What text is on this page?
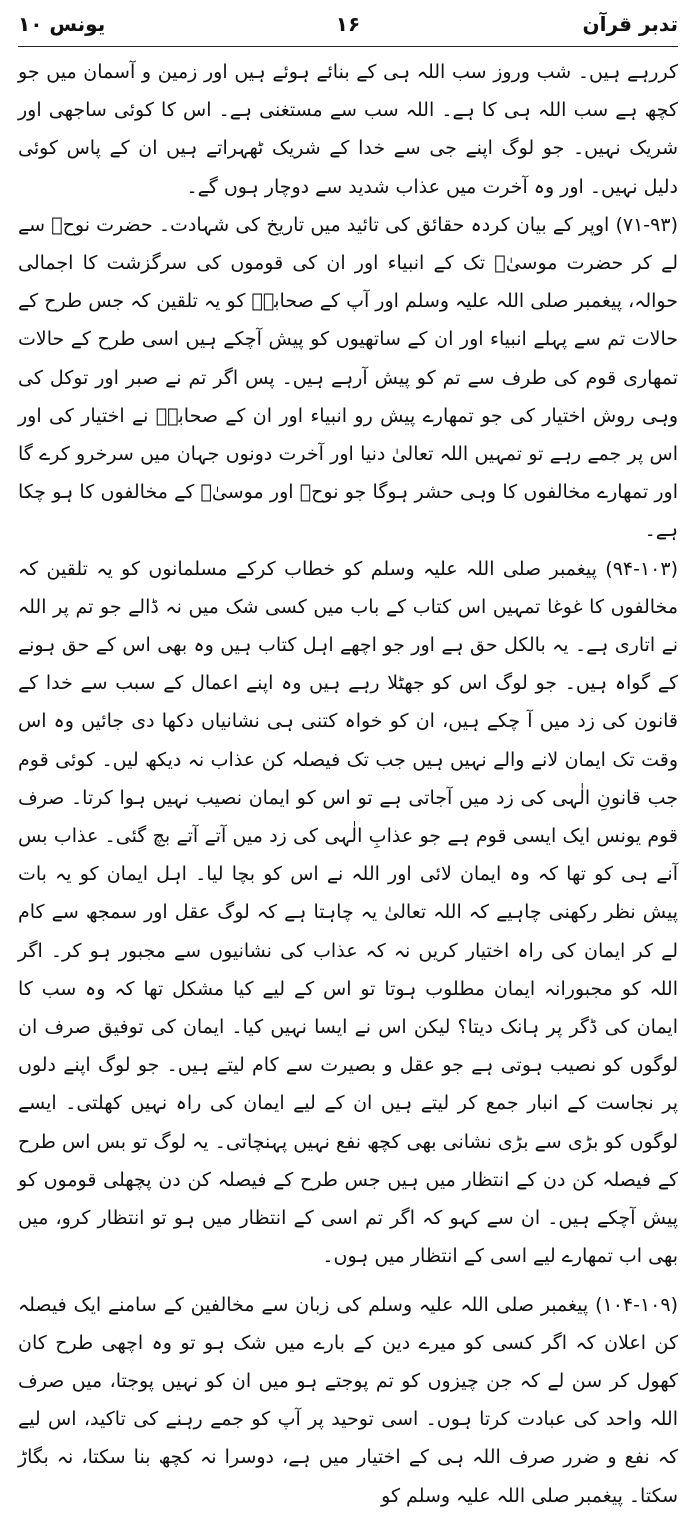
تدبر قرآن
۱۶
یونس ۱۰

کررہے ہیں۔ شب وروز سب اللہ ہی کے بنائے ہوئے ہیں اور زمین و آسمان میں جو کچھ ہے سب اللہ ہی کا ہے۔ اللہ سب سے مستغنی ہے۔ اس کا کوئی ساجھی اور شریک نہیں۔ جو لوگ اپنے جی سے خدا کے شریک ٹھہراتے ہیں ان کے پاس کوئی دلیل نہیں۔ اور وہ آخرت میں عذاب شدید سے دوچار ہوں گے۔

(۷۱-۹۳) اوپر کے بیان کردہ حقائق کی تائید میں تاریخ کی شہادت۔ حضرت نوحؑ سے لے کر حضرت موسیٰؑ تک کے انبیاء اور ان کی قوموں کی سرگزشت کا اجمالی حوالہ، پیغمبر صلی اللہ علیہ وسلم اور آپ کے صحابہؓ کو یہ تلقین کہ جس طرح کے حالات تم سے پہلے انبیاء اور ان کے ساتھیوں کو پیش آچکے ہیں اسی طرح کے حالات تمھاری قوم کی طرف سے تم کو پیش آرہے ہیں۔ پس اگر تم نے صبر اور توکل کی وہی روش اختیار کی جو تمھارے پیش رو انبیاء اور ان کے صحابہؓ نے اختیار کی اور اس پر جمے رہے تو تمہیں اللہ تعالیٰ دنیا اور آخرت دونوں جہان میں سرخرو کرے گا اور تمھارے مخالفوں کا وہی حشر ہوگا جو نوحؑ اور موسیٰؑ کے مخالفوں کا ہو چکا ہے۔

(۹۴-۱۰۳) پیغمبر صلی اللہ علیہ وسلم کو خطاب کرکے مسلمانوں کو یہ تلقین کہ مخالفوں کا غوغا تمہیں اس کتاب کے باب میں کسی شک میں نہ ڈالے جو تم پر اللہ نے اتاری ہے۔ یہ بالکل حق ہے اور جو اچھے اہل کتاب ہیں وہ بھی اس کے حق ہونے کے گواہ ہیں۔ جو لوگ اس کو جھٹلا رہے ہیں وہ اپنے اعمال کے سبب سے خدا کے قانون کی زد میں آ چکے ہیں، ان کو خواہ کتنی ہی نشانیاں دکھا دی جائیں وہ اس وقت تک ایمان لانے والے نہیں ہیں جب تک فیصلہ کن عذاب نہ دیکھ لیں۔ کوئی قوم جب قانونِ الٰہی کی زد میں آجاتی ہے تو اس کو ایمان نصیب نہیں ہوا کرتا۔ صرف قوم یونس ایک ایسی قوم ہے جو عذابِ الٰہی کی زد میں آتے آتے بچ گئی۔ عذاب بس آنے ہی کو تھا کہ وہ ایمان لائی اور اللہ نے اس کو بچا لیا۔ اہل ایمان کو یہ بات پیش نظر رکھنی چاہیے کہ اللہ تعالیٰ یہ چاہتا ہے کہ لوگ عقل اور سمجھ سے کام لے کر ایمان کی راہ اختیار کریں نہ کہ عذاب کی نشانیوں سے مجبور ہو کر۔ اگر اللہ کو مجبورانہ ایمان مطلوب ہوتا تو اس کے لیے کیا مشکل تھا کہ وہ سب کا ایمان کی ڈگر پر ہانک دیتا؟ لیکن اس نے ایسا نہیں کیا۔ ایمان کی توفیق صرف ان لوگوں کو نصیب ہوتی ہے جو عقل و بصیرت سے کام لیتے ہیں۔ جو لوگ اپنے دلوں پر نجاست کے انبار جمع کر لیتے ہیں ان کے لیے ایمان کی راہ نہیں کھلتی۔ ایسے لوگوں کو بڑی سے بڑی نشانی بھی کچھ نفع نہیں پہنچاتی۔ یہ لوگ تو بس اس طرح کے فیصلہ کن دن کے انتظار میں ہیں جس طرح کے فیصلہ کن دن پچھلی قوموں کو پیش آچکے ہیں۔ ان سے کہو کہ اگر تم اسی کے انتظار میں ہو تو انتظار کرو، میں بھی اب تمھارے لیے اسی کے انتظار میں ہوں۔

(۱۰۴-۱۰۹) پیغمبر صلی اللہ علیہ وسلم کی زبان سے مخالفین کے سامنے ایک فیصلہ کن اعلان کہ اگر کسی کو میرے دین کے بارے میں شک ہو تو وہ اچھی طرح کان کھول کر سن لے کہ جن چیزوں کو تم پوجتے ہو میں ان کو نہیں پوجتا، میں صرف اللہ واحد کی عبادت کرتا ہوں۔ اسی توحید پر آپ کو جمے رہنے کی تاکید، اس لیے کہ نفع و ضرر صرف اللہ ہی کے اختیار میں ہے، دوسرا نہ کچھ بنا سکتا، نہ بگاڑ سکتا۔ پیغمبر صلی اللہ علیہ وسلم کو
